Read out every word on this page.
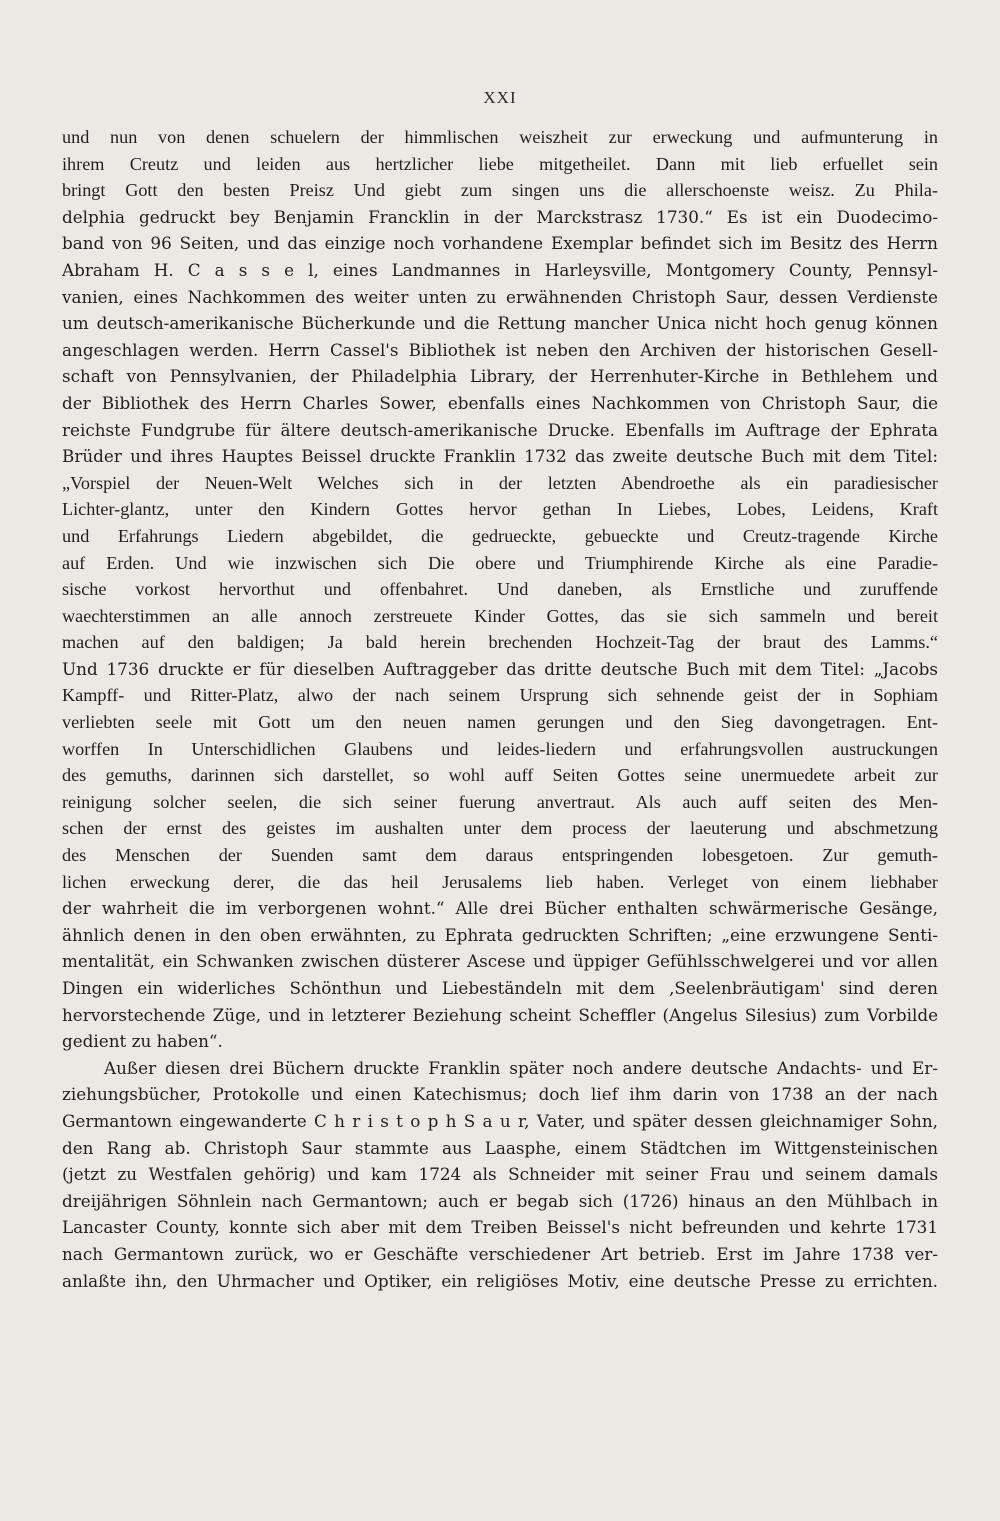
XXI
und nun von denen schuelern der himmlischen weiszheit zur erweckung und aufmunterung in
ihrem Creutz und leiden aus hertzlicher liebe mitgetheilet. Dann mit lieb erfuellet sein
bringt Gott den besten Preisz Und giebt zum singen uns die allerschoenste weisz. Zu Phila-
delphia gedruckt bey Benjamin Francklin in der Marckstrasz 1730.“ Es ist ein Duodecimo-
band von 96 Seiten, und das einzige noch vorhandene Exemplar befindet sich im Besitz des Herrn
Abraham H. C a s s e l, eines Landmannes in Harleysville, Montgomery County, Pennsyl-
vanien, eines Nachkommen des weiter unten zu erwähnenden Christoph Saur, dessen Verdienste
um deutsch-amerikanische Bücherkunde und die Rettung mancher Unica nicht hoch genug können
angeschlagen werden. Herrn Cassel's Bibliothek ist neben den Archiven der historischen Gesell-
schaft von Pennsylvanien, der Philadelphia Library, der Herrenhuter-Kirche in Bethlehem und
der Bibliothek des Herrn Charles Sower, ebenfalls eines Nachkommen von Christoph Saur, die
reichste Fundgrube für ältere deutsch-amerikanische Drucke. Ebenfalls im Auftrage der Ephrata
Brüder und ihres Hauptes Beissel druckte Franklin 1732 das zweite deutsche Buch mit dem Titel:
„Vorspiel der Neuen-Welt Welches sich in der letzten Abendroethe als ein paradiesischer
Lichter-glantz, unter den Kindern Gottes hervor gethan In Liebes, Lobes, Leidens, Kraft
und Erfahrungs Liedern abgebildet, die gedrueckte, gebueckte und Creutz-tragende Kirche
auf Erden. Und wie inzwischen sich Die obere und Triumphirende Kirche als eine Paradie-
sische vorkost hervorthut und offenbahret. Und daneben, als Ernstliche und zuruffende
waechterstimmen an alle annoch zerstreuete Kinder Gottes, das sie sich sammeln und bereit
machen auf den baldigen; Ja bald herein brechenden Hochzeit-Tag der braut des Lamms.“
Und 1736 druckte er für dieselben Auftraggeber das dritte deutsche Buch mit dem Titel: „Jacobs
Kampff- und Ritter-Platz, alwo der nach seinem Ursprung sich sehnende geist der in Sophiam
verliebten seele mit Gott um den neuen namen gerungen und den Sieg davongetragen. Ent-
worffen In Unterschidlichen Glaubens und leides-liedern und erfahrungsvollen austruckungen
des gemuths, darinnen sich darstellet, so wohl auff Seiten Gottes seine unermuedete arbeit zur
reinigung solcher seelen, die sich seiner fuerung anvertraut. Als auch auff seiten des Men-
schen der ernst des geistes im aushalten unter dem process der laeuterung und abschmetzung
des Menschen der Suenden samt dem daraus entspringenden lobesgetoen. Zur gemuth-
lichen erweckung derer, die das heil Jerusalems lieb haben. Verleget von einem liebhaber
der wahrheit die im verborgenen wohnt.“ Alle drei Bücher enthalten schwärmerische Gesänge,
ähnlich denen in den oben erwähnten, zu Ephrata gedruckten Schriften; „eine erzwungene Senti-
mentalität, ein Schwanken zwischen düsterer Ascese und üppiger Gefühlsschwelgerei und vor allen
Dingen ein widerliches Schönthun und Liebeständeln mit dem ‚Seelenbräutigam' sind deren
hervorstechende Züge, und in letzterer Beziehung scheint Scheffler (Angelus Silesius) zum Vorbilde
gedient zu haben“.
Außer diesen drei Büchern druckte Franklin später noch andere deutsche Andachts- und Er-
ziehungsbücher, Protokolle und einen Katechismus; doch lief ihm darin von 1738 an der nach
Germantown eingewanderte C h r i s t o p h S a u r, Vater, und später dessen gleichnamiger Sohn,
den Rang ab. Christoph Saur stammte aus Laasphe, einem Städtchen im Wittgensteinischen
(jetzt zu Westfalen gehörig) und kam 1724 als Schneider mit seiner Frau und seinem damals
dreijährigen Söhnlein nach Germantown; auch er begab sich (1726) hinaus an den Mühlbach in
Lancaster County, konnte sich aber mit dem Treiben Beissel's nicht befreunden und kehrte 1731
nach Germantown zurück, wo er Geschäfte verschiedener Art betrieb. Erst im Jahre 1738 ver-
anlaßte ihn, den Uhrmacher und Optiker, ein religiöses Motiv, eine deutsche Presse zu errichten.
